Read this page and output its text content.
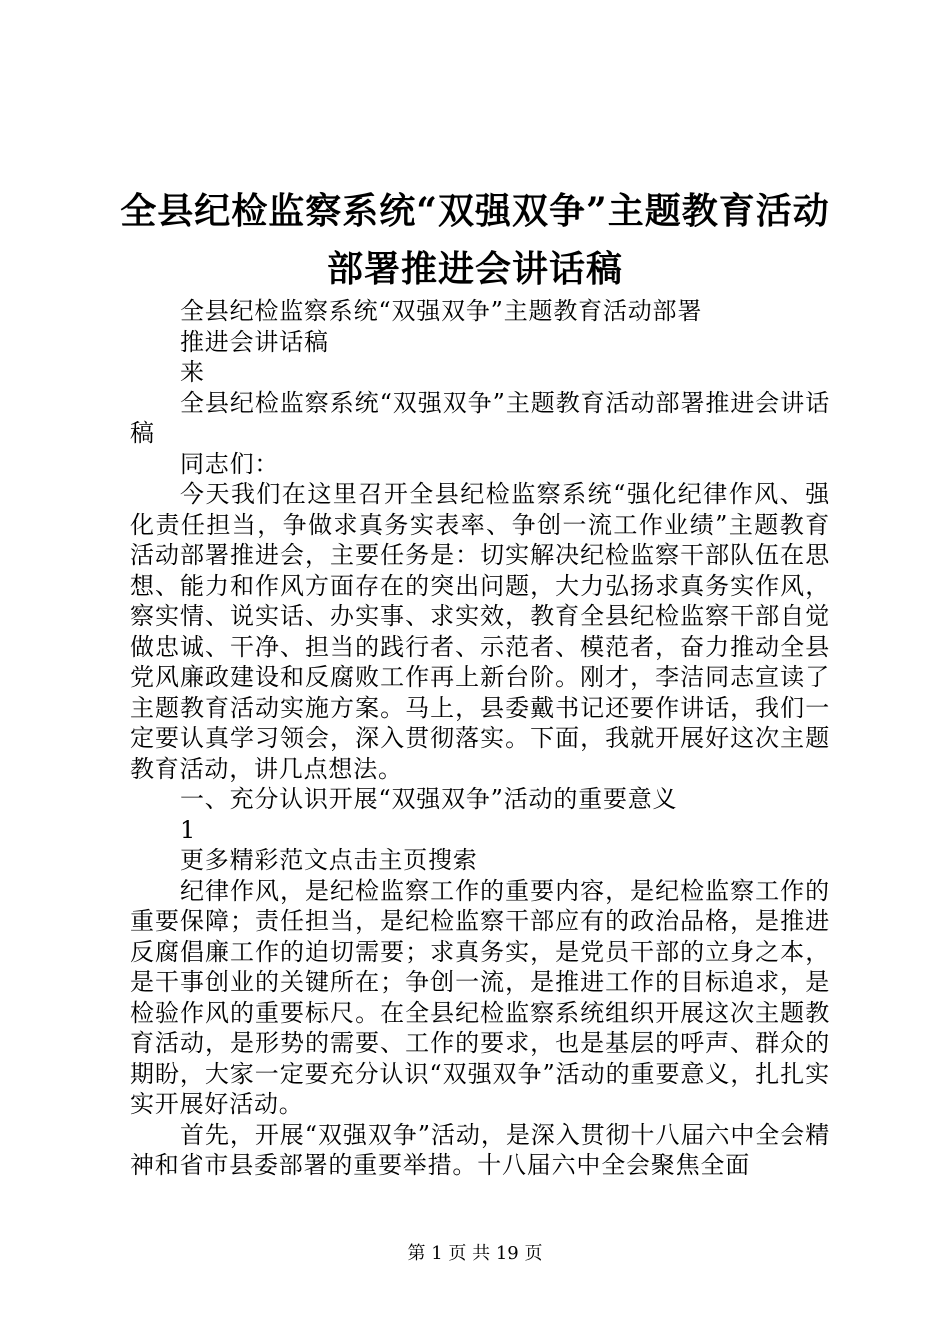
全县纪检监察系统“双强双争”主题教育活动
部署推进会讲话稿

全县纪检监察系统“双强双争”主题教育活动部署

推进会讲话稿

来

全县纪检监察系统“双强双争”主题教育活动部署推进会讲话稿

同志们：

今天我们在这里召开全县纪检监察系统“强化纪律作风、强化责任担当，争做求真务实表率、争创一流工作业绩”主题教育活动部署推进会，主要任务是：切实解决纪检监察干部队伍在思想、能力和作风方面存在的突出问题，大力弘扬求真务实作风，察实情、说实话、办实事、求实效，教育全县纪检监察干部自觉做忠诚、干净、担当的践行者、示范者、模范者，奋力推动全县党风廉政建设和反腐败工作再上新台阶。刚才，李洁同志宣读了主题教育活动实施方案。马上，县委戴书记还要作讲话，我们一定要认真学习领会，深入贯彻落实。下面，我就开展好这次主题教育活动，讲几点想法。

一、充分认识开展“双强双争”活动的重要意义

1

更多精彩范文点击主页搜索

纪律作风，是纪检监察工作的重要内容，是纪检监察工作的重要保障；责任担当，是纪检监察干部应有的政治品格，是推进反腐倡廉工作的迫切需要；求真务实，是党员干部的立身之本，是干事创业的关键所在；争创一流，是推进工作的目标追求，是检验作风的重要标尺。在全县纪检监察系统组织开展这次主题教育活动，是形势的需要、工作的要求，也是基层的呼声、群众的期盼，大家一定要充分认识“双强双争”活动的重要意义，扎扎实实开展好活动。

首先，开展“双强双争”活动，是深入贯彻十八届六中全会精神和省市县委部署的重要举措。十八届六中全会聚焦全面

第 1 页 共 19 页
